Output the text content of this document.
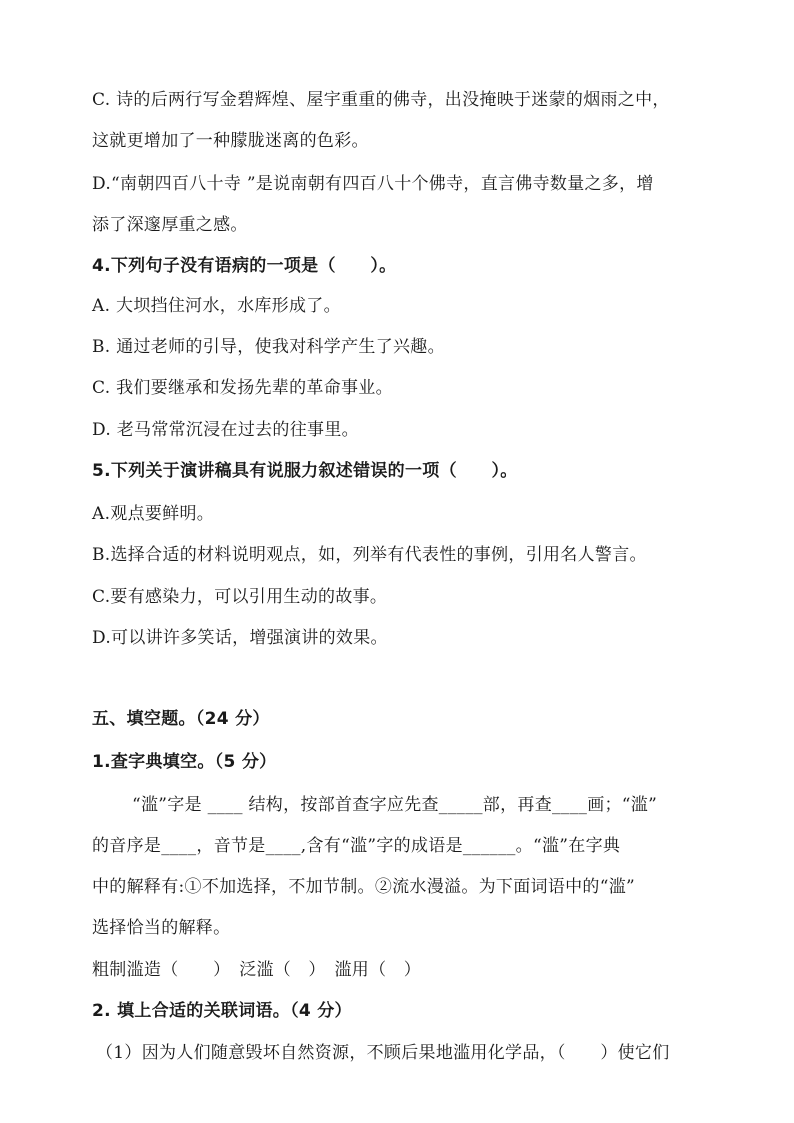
C. 诗的后两行写金碧辉煌、屋宇重重的佛寺，出没掩映于迷蒙的烟雨之中，
这就更增加了一种朦胧迷离的色彩。
D.“南朝四百八十寺 ”是说南朝有四百八十个佛寺，直言佛寺数量之多，增
添了深邃厚重之感。
4.下列句子没有语病的一项是（　　）。
A. 大坝挡住河水，水库形成了。
B. 通过老师的引导，使我对科学产生了兴趣。
C. 我们要继承和发扬先辈的革命事业。
D. 老马常常沉浸在过去的往事里。
5.下列关于演讲稿具有说服力叙述错误的一项（　　）。
A.观点要鲜明。
B.选择合适的材料说明观点，如，列举有代表性的事例，引用名人警言。
C.要有感染力，可以引用生动的故事。
D.可以讲许多笑话，增强演讲的效果。
五、填空题。（24 分）
1.查字典填空。（5 分）
“滥”字是 ____ 结构，按部首查字应先查_____部，再查____画；“滥”
的音序是____，音节是____,含有“滥”字的成语是______。“滥”在字典
中的解释有:①不加选择，不加节制。②流水漫溢。为下面词语中的“滥”
选择恰当的解释。
粗制滥造（　　）　泛滥（　）　滥用（　）
2. 填上合适的关联词语。（4 分）
（1）因为人们随意毁坏自然资源，不顾后果地滥用化学品，（　　）使它们
